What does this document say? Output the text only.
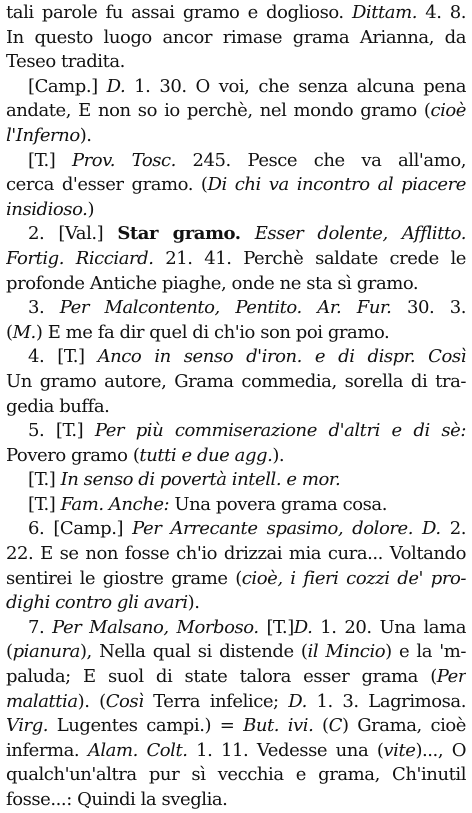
tali parole fu assai gramo e doglioso. Dittam. 4. 8.
In questo luogo ancor rimase grama Arianna, da
Teseo tradita.
[Camp.] D. 1. 30. O voi, che senza alcuna pena
andate, E non so io perchè, nel mondo gramo (cioè
l'Inferno).
[T.] Prov. Tosc. 245. Pesce che va all'amo,
cerca d'esser gramo. (Di chi va incontro al piacere
insidioso.)
2. [Val.] Star gramo. Esser dolente, Afflitto.
Fortig. Ricciard. 21. 41. Perchè saldate crede le
profonde Antiche piaghe, onde ne sta sì gramo.
3. Per Malcontento, Pentito. Ar. Fur. 30. 3.
(M.) E me fa dir quel di ch'io son poi gramo.
4. [T.] Anco in senso d'iron. e di dispr. Così
Un gramo autore, Grama commedia, sorella di tra-
gedia buffa.
5. [T.] Per più commiserazione d'altri e di sè:
Povero gramo (tutti e due agg.).
[T.] In senso di povertà intell. e mor.
[T.] Fam. Anche: Una povera grama cosa.
6. [Camp.] Per Arrecante spasimo, dolore. D. 2.
22. E se non fosse ch'io drizzai mia cura... Voltando
sentirei le giostre grame (cioè, i fieri cozzi de' pro-
dighi contro gli avari).
7. Per Malsano, Morboso. [T.]D. 1. 20. Una lama
(pianura), Nella qual si distende (il Mincio) e la 'm-
paluda; E suol di state talora esser grama (Per
malattia). (Così Terra infelice; D. 1. 3. Lagrimosa.
Virg. Lugentes campi.) = But. ivi. (C) Grama, cioè
inferma. Alam. Colt. 1. 11. Vedesse una (vite)..., O
qualch'un'altra pur sì vecchia e grama, Ch'inutil
fosse...: Quindi la sveglia.
